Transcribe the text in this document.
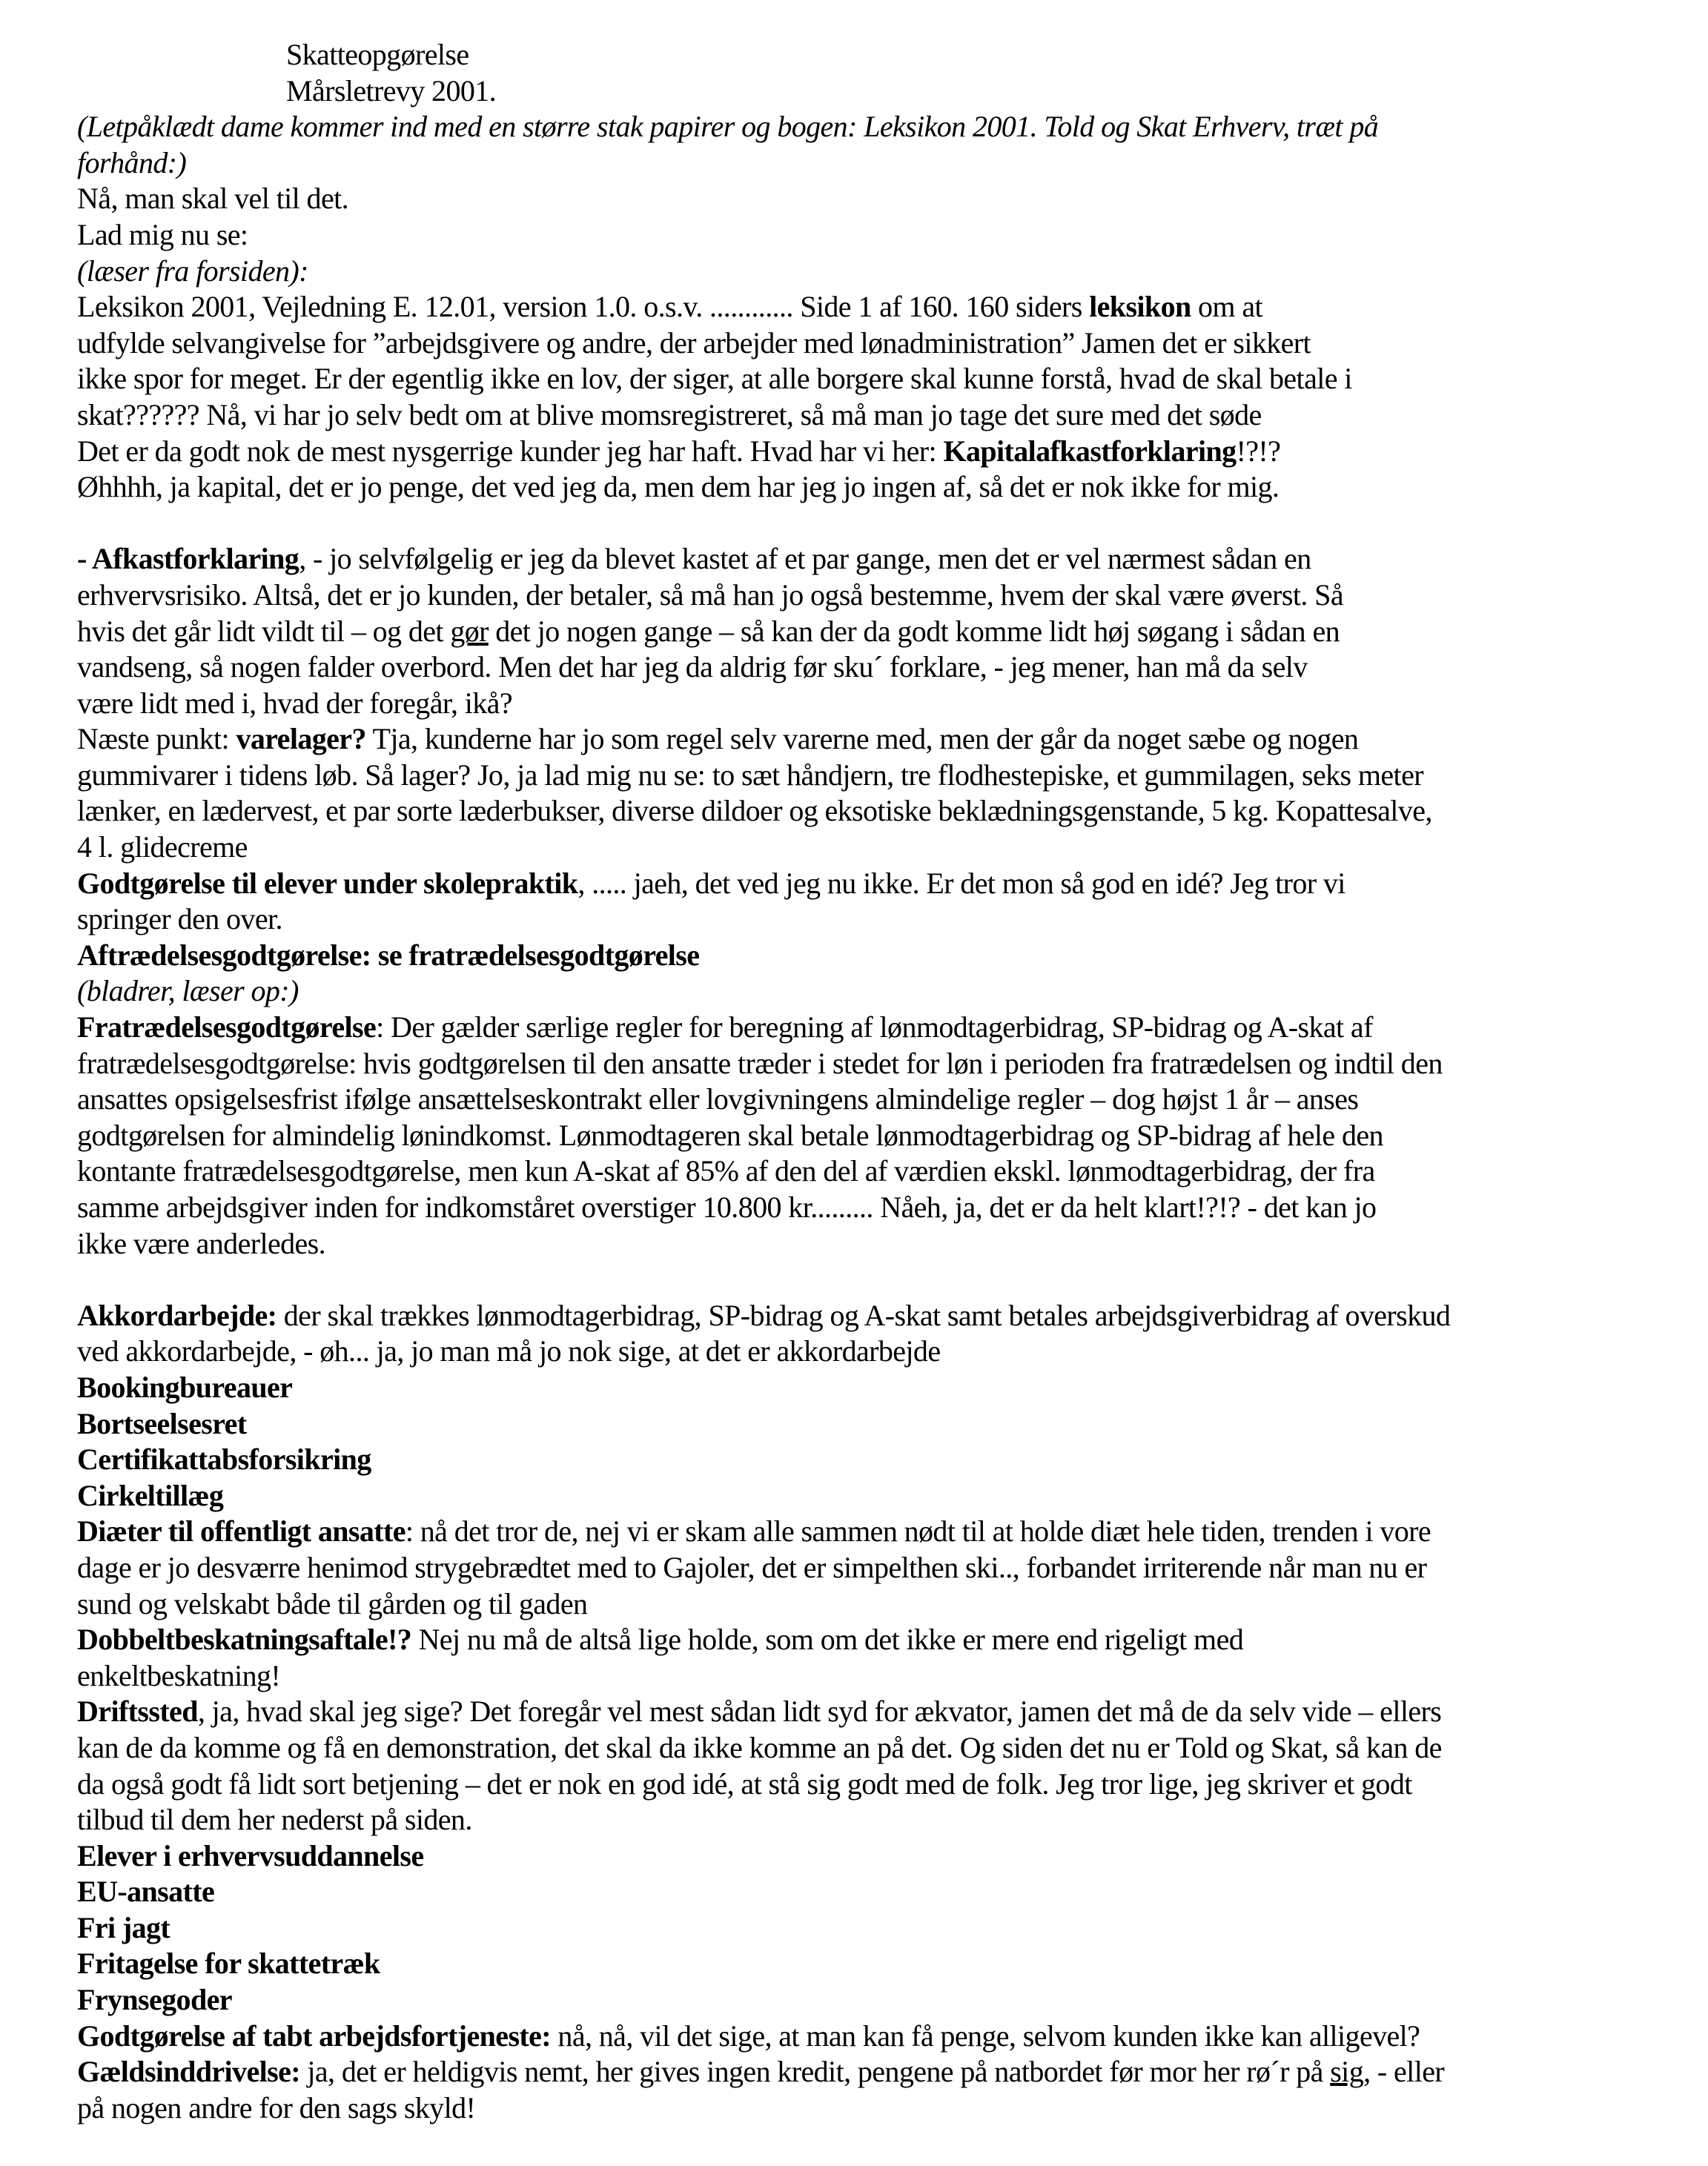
Skatteopgørelse
Mårsletrevy 2001.
(Letpåklædt dame kommer ind med en større stak papirer og bogen: Leksikon 2001. Told og Skat Erhverv, træt på
forhånd:)
Nå, man skal vel til det.
Lad mig nu se:
(læser fra forsiden):
Leksikon 2001, Vejledning E. 12.01, version 1.0. o.s.v. ............ Side 1 af 160. 160 siders leksikon om at
udfylde selvangivelse for ”arbejdsgivere og andre, der arbejder med lønadministration” Jamen det er sikkert
ikke spor for meget. Er der egentlig ikke en lov, der siger, at alle borgere skal kunne forstå, hvad de skal betale i
skat?????? Nå, vi har jo selv bedt om at blive momsregistreret, så må man jo tage det sure med det søde
Det er da godt nok de mest nysgerrige kunder jeg har haft. Hvad har vi her: Kapitalafkastforklaring!?!?
Øhhhh, ja kapital, det er jo penge, det ved jeg da, men dem har jeg jo ingen af, så det er nok ikke for mig.
- Afkastforklaring, - jo selvfølgelig er jeg da blevet kastet af et par gange, men det er vel nærmest sådan en
erhvervsrisiko. Altså, det er jo kunden, der betaler, så må han jo også bestemme, hvem der skal være øverst. Så
hvis det går lidt vildt til – og det gør det jo nogen gange – så kan der da godt komme lidt høj søgang i sådan en
vandseng, så nogen falder overbord. Men det har jeg da aldrig før sku´ forklare, - jeg mener, han må da selv
være lidt med i, hvad der foregår, ikå?
Næste punkt: varelager? Tja, kunderne har jo som regel selv varerne med, men der går da noget sæbe og nogen
gummivarer i tidens løb. Så lager? Jo, ja lad mig nu se: to sæt håndjern, tre flodhestepiske, et gummilagen, seks meter
lænker, en lædervest, et par sorte læderbukser, diverse dildoer og eksotiske beklædningsgenstande, 5 kg. Kopattesalve,
4 l. glidecreme
Godtgørelse til elever under skolepraktik, ..... jaeh, det ved jeg nu ikke. Er det mon så god en idé? Jeg tror vi
springer den over.
Aftrædelsesgodtgørelse: se fratrædelsesgodtgørelse
(bladrer, læser op:)
Fratrædelsesgodtgørelse: Der gælder særlige regler for beregning af lønmodtagerbidrag, SP-bidrag og A-skat af
fratrædelsesgodtgørelse: hvis godtgørelsen til den ansatte træder i stedet for løn i perioden fra fratrædelsen og indtil den
ansattes opsigelsesfrist ifølge ansættelseskontrakt eller lovgivningens almindelige regler – dog højst 1 år – anses
godtgørelsen for almindelig lønindkomst. Lønmodtageren skal betale lønmodtagerbidrag og SP-bidrag af hele den
kontante fratrædelsesgodtgørelse, men kun A-skat af 85% af den del af værdien ekskl. lønmodtagerbidrag, der fra
samme arbejdsgiver inden for indkomståret overstiger 10.800 kr......... Nåeh, ja, det er da helt klart!?!? - det kan jo
ikke være anderledes.
Akkordarbejde: der skal trækkes lønmodtagerbidrag, SP-bidrag og A-skat samt betales arbejdsgiverbidrag af overskud
ved akkordarbejde, - øh... ja, jo man må jo nok sige, at det er akkordarbejde
Bookingbureauer
Bortseelsesret
Certifikattabsforsikring
Cirkeltillæg
Diæter til offentligt ansatte: nå det tror de, nej vi er skam alle sammen nødt til at holde diæt hele tiden, trenden i vore
dage er jo desværre henimod strygebrædtet med to Gajoler, det er simpelthen ski.., forbandet irriterende når man nu er
sund og velskabt både til gården og til gaden
Dobbeltbeskatningsaftale!? Nej nu må de altså lige holde, som om det ikke er mere end rigeligt med
enkeltbeskatning!
Driftssted, ja, hvad skal jeg sige? Det foregår vel mest sådan lidt syd for ækvator, jamen det må de da selv vide – ellers
kan de da komme og få en demonstration, det skal da ikke komme an på det. Og siden det nu er Told og Skat, så kan de
da også godt få lidt sort betjening – det er nok en god idé, at stå sig godt med de folk. Jeg tror lige, jeg skriver et godt
tilbud til dem her nederst på siden.
Elever i erhvervsuddannelse
EU-ansatte
Fri jagt
Fritagelse for skattetræk
Frynsegoder
Godtgørelse af tabt arbejdsfortjeneste: nå, nå, vil det sige, at man kan få penge, selvom kunden ikke kan alligevel?
Gældsinddrivelse: ja, det er heldigvis nemt, her gives ingen kredit, pengene på natbordet før mor her rø´r på sig, - eller
på nogen andre for den sags skyld!
